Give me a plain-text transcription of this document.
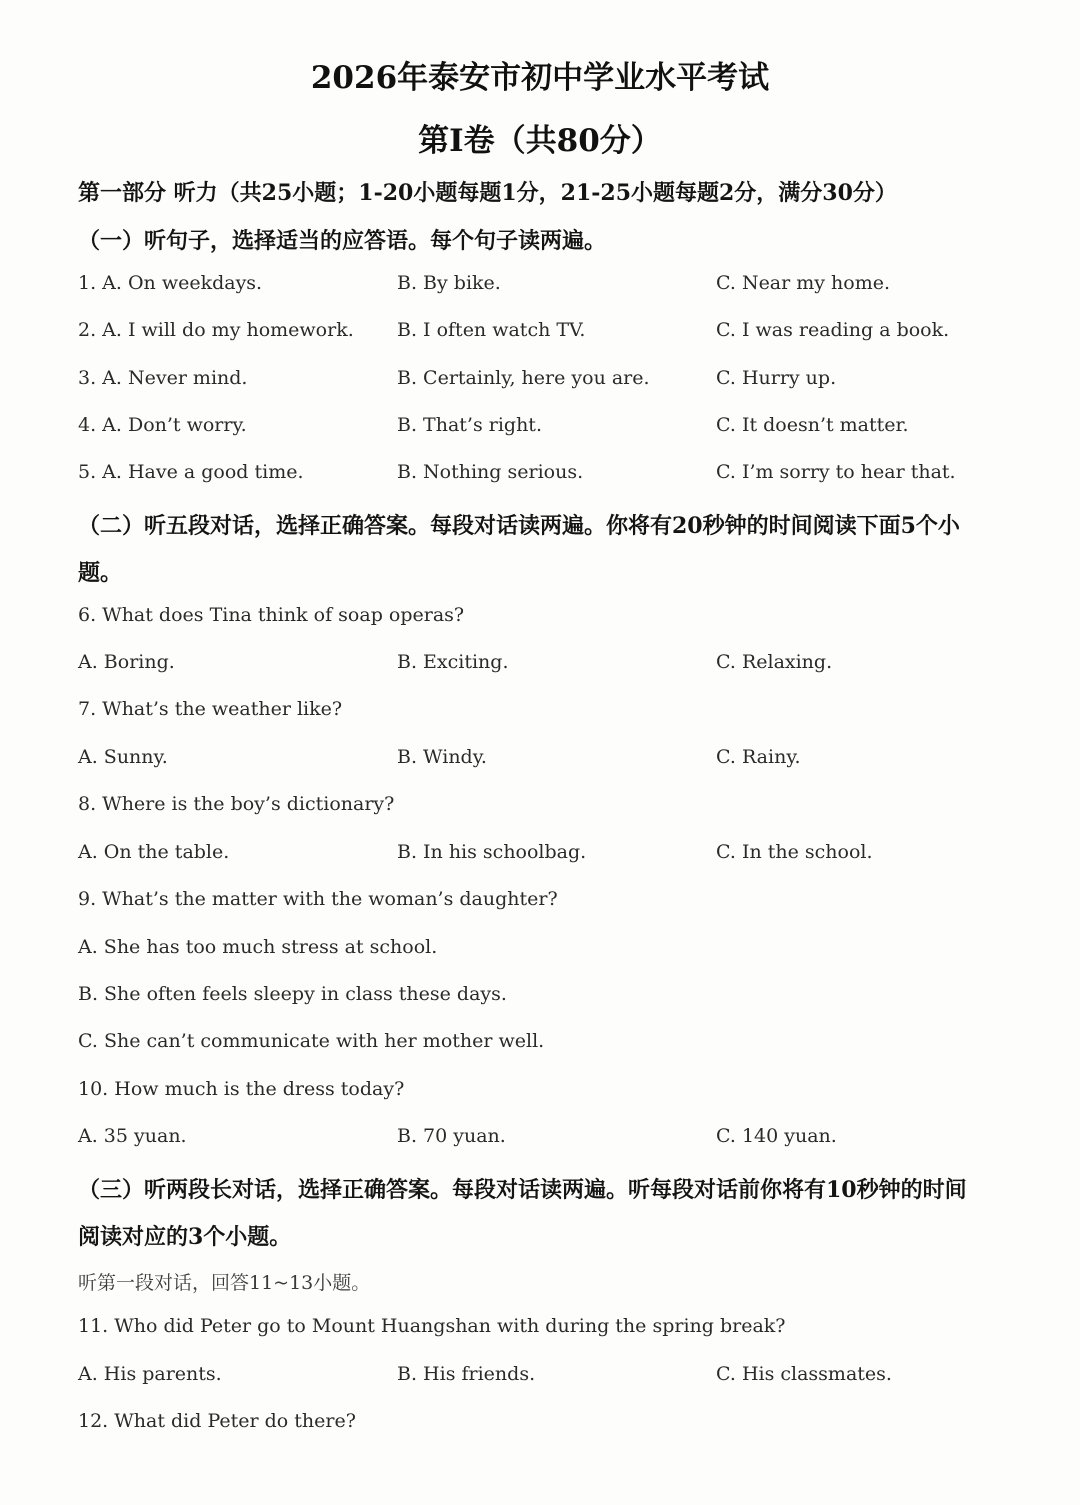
2026年泰安市初中学业水平考试
第I卷（共80分）
第一部分 听力（共25小题；1-20小题每题1分，21-25小题每题2分，满分30分）
（一）听句子，选择适当的应答语。每个句子读两遍。
1. A. On weekdays.	B. By bike.	C. Near my home.
2. A. I will do my homework. B. I often watch TV.	C. I was reading a book.
3. A. Never mind.	B. Certainly, here you are.	C. Hurry up.
4. A. Don’t worry.	B. That’s right.	C. It doesn’t matter.
5. A. Have a good time.	B. Nothing serious.	C. I’m sorry to hear that.
（二）听五段对话，选择正确答案。每段对话读两遍。你将有20秒钟的时间阅读下面5个小
题。
6. What does Tina think of soap operas?
A. Boring.	B. Exciting.	C. Relaxing.
7. What’s the weather like?
A. Sunny.	B. Windy.	C. Rainy.
8. Where is the boy’s dictionary?
A. On the table.	B. In his schoolbag.	C. In the school.
9. What’s the matter with the woman’s daughter?
A. She has too much stress at school.
B. She often feels sleepy in class these days.
C. She can’t communicate with her mother well.
10. How much is the dress today?
A. 35 yuan.	B. 70 yuan.	C. 140 yuan.
（三）听两段长对话，选择正确答案。每段对话读两遍。听每段对话前你将有10秒钟的时间
阅读对应的3个小题。
听第一段对话，回答11~13小题。
11. Who did Peter go to Mount Huangshan with during the spring break?
A. His parents.	B. His friends.	C. His classmates.
12. What did Peter do there?
